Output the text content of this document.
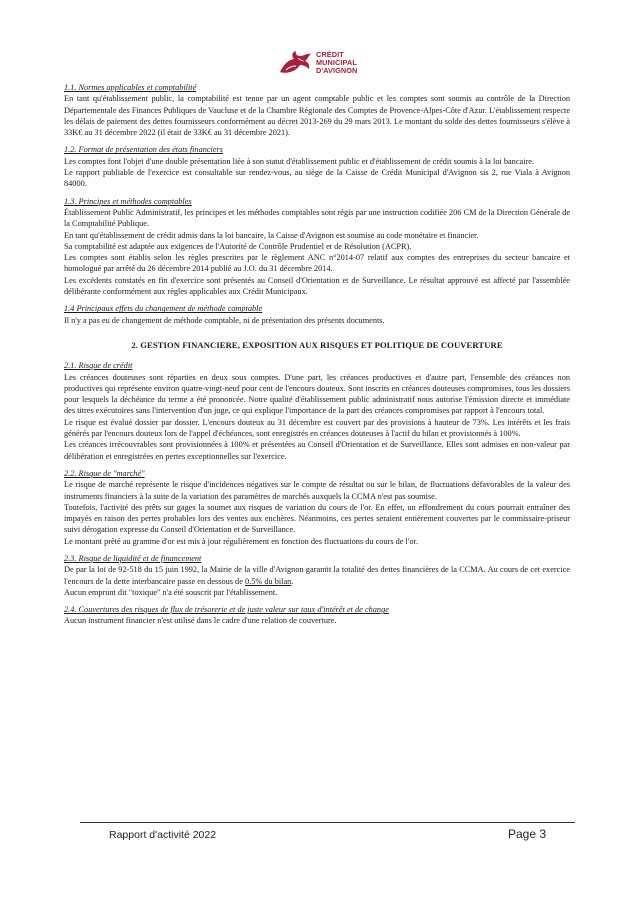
CRÉDIT
MUNICIPAL
D'AVIGNON
1.1. Normes applicables et comptabilité
En tant qu'établissement public, la comptabilité est tenue par un agent comptable public et les comptes sont soumis au contrôle de la Direction Départementale des Finances Publiques de Vaucluse et de la Chambre Régionale des Comptes de Provence-Alpes-Côte d'Azur. L'établissement respecte les délais de paiement des dettes fournisseurs conformément au décret 2013-269 du 29 mars 2013. Le montant du solde des dettes fournisseurs s'élève à 33K€ au 31 décembre 2022 (il était de 33K€ au 31 décembre 2021).
1.2. Format de présentation des états financiers
Les comptes font l'objet d'une double présentation liée à son statut d'établissement public et d'établissement de crédit soumis à la loi bancaire.
Le rapport publiable de l'exercice est consultable sur rendez-vous, au siège de la Caisse de Crédit Municipal d'Avignon sis 2, rue Viala à Avignon 84000.
1.3. Principes et méthodes comptables
Établissement Public Administratif, les principes et les méthodes comptables sont régis par une instruction codifiée 206 CM de la Direction Générale de la Comptabilité Publique.
En tant qu'établissement de crédit admis dans la loi bancaire, la Caisse d'Avignon est soumise au code monétaire et financier.
Sa comptabilité est adaptée aux exigences de l'Autorité de Contrôle Prudentiel et de Résolution (ACPR).
Les comptes sont établis selon les règles prescrites par le règlement ANC n°2014-07 relatif aux comptes des entreprises du secteur bancaire et homologué par arrêté du 26 décembre 2014 publié au J.O. du 31 décembre 2014.
Les excédents constatés en fin d'exercice sont présentés au Conseil d'Orientation et de Surveillance. Le résultat approuvé est affecté par l'assemblée délibérante conformément aux règles applicables aux Crédit Municipaux.
1.4 Principaux effets du changement de méthode comptable
Il n'y a pas eu de changement de méthode comptable, ni de présentation des présents documents.
2. GESTION FINANCIERE, EXPOSITION AUX RISQUES ET POLITIQUE DE COUVERTURE
2.1. Risque de crédit
Les créances douteuses sont réparties en deux sous comptes. D'une part, les créances productives et d'autre part, l'ensemble des créances non productives qui représente environ quatre-vingt-neuf pour cent de l'encours douteux. Sont inscrits en créances douteuses compromises, tous les dossiers pour lesquels la déchéance du terme a été prononcée. Notre qualité d'établissement public administratif nous autorise l'émission directe et immédiate des titres exécutoires sans l'intervention d'un juge, ce qui explique l'importance de la part des créances compromises par rapport à l'encours total.
Le risque est évalué dossier par dossier. L'encours douteux au 31 décembre est couvert par des provisions à hauteur de 73%. Les intérêts et les frais générés par l'encours douteux lors de l'appel d'échéances, sont enregistrés en créances douteuses à l'actif du bilan et provisionnés à 100%.
Les créances irrécouvrables sont provisionnées à 100% et présentées au Conseil d'Orientation et de Surveillance. Elles sont admises en non-valeur par délibération et enregistrées en pertes exceptionnelles sur l'exercice.
2.2. Risque de "marché"
Le risque de marché représente le risque d'incidences négatives sur le compte de résultat ou sur le bilan, de fluctuations défavorables de la valeur des instruments financiers à la suite de la variation des paramètres de marchés auxquels la CCMA n'est pas soumise.
Toutefois, l'activité des prêts sur gages la soumet aux risques de variation du cours de l'or. En effet, un effondrement du cours pourrait entraîner des impayés en raison des pertes probables lors des ventes aux enchères. Néanmoins, ces pertes seraient entièrement couvertes par le commissaire-priseur suivi dérogation expresse du Conseil d'Orientation et de Surveillance.
Le montant prêté au gramme d'or est mis à jour régulièrement en fonction des fluctuations du cours de l'or.
2.3. Risque de liquidité et de financement
De par la loi de 92-518 du 15 juin 1992, la Mairie de la ville d'Avignon garantit la totalité des dettes financières de la CCMA. Au cours de cet exercice l'encours de la dette interbancaire passe en dessous de 0.5% du bilan.
Aucun emprunt dit "toxique" n'a été souscrit par l'établissement.
2.4. Couvertures des risques de flux de trésorerie et de juste valeur sur taux d'intérêt et de change
Aucun instrument financier n'est utilisé dans le cadre d'une relation de couverture.
Rapport d'activité 2022	Page 3
